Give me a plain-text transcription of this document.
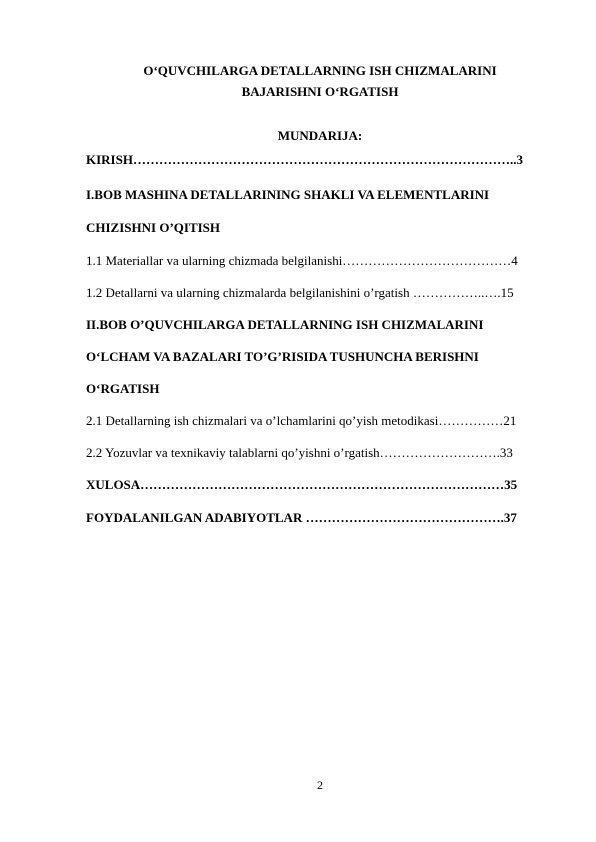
O‘QUVCHILARGA DETALLARNING ISH CHIZMALARINI
BAJARISHNI O‘RGATISH
MUNDARIJA:
KIRISH……………………………………………………………………………..3
I.BOB MASHINA DETALLARINING SHAKLI VA ELEMENTLARINI
CHIZISHNI O’QITISH
1.1 Materiallar va ularning chizmada belgilanishi…………………………………4
1.2 Detallarni va ularning chizmalarda belgilanishini o’rgatish ……………..….15
II.BOB O’QUVCHILARGA DETALLARNING ISH CHIZMALARINI
O‘LCHAM VA BAZALARI TO’G’RISIDA TUSHUNCHA BERISHNI
O‘RGATISH
2.1 Detallarning ish chizmalari va o’lchamlarini qo’yish metodikasi……………21
2.2 Yozuvlar va texnikaviy talablarni qo’yishni o’rgatish……………………….33
XULOSA…………………………………………………………………………35
FOYDALANILGAN ADABIYOTLAR ……………………………………….37
2
